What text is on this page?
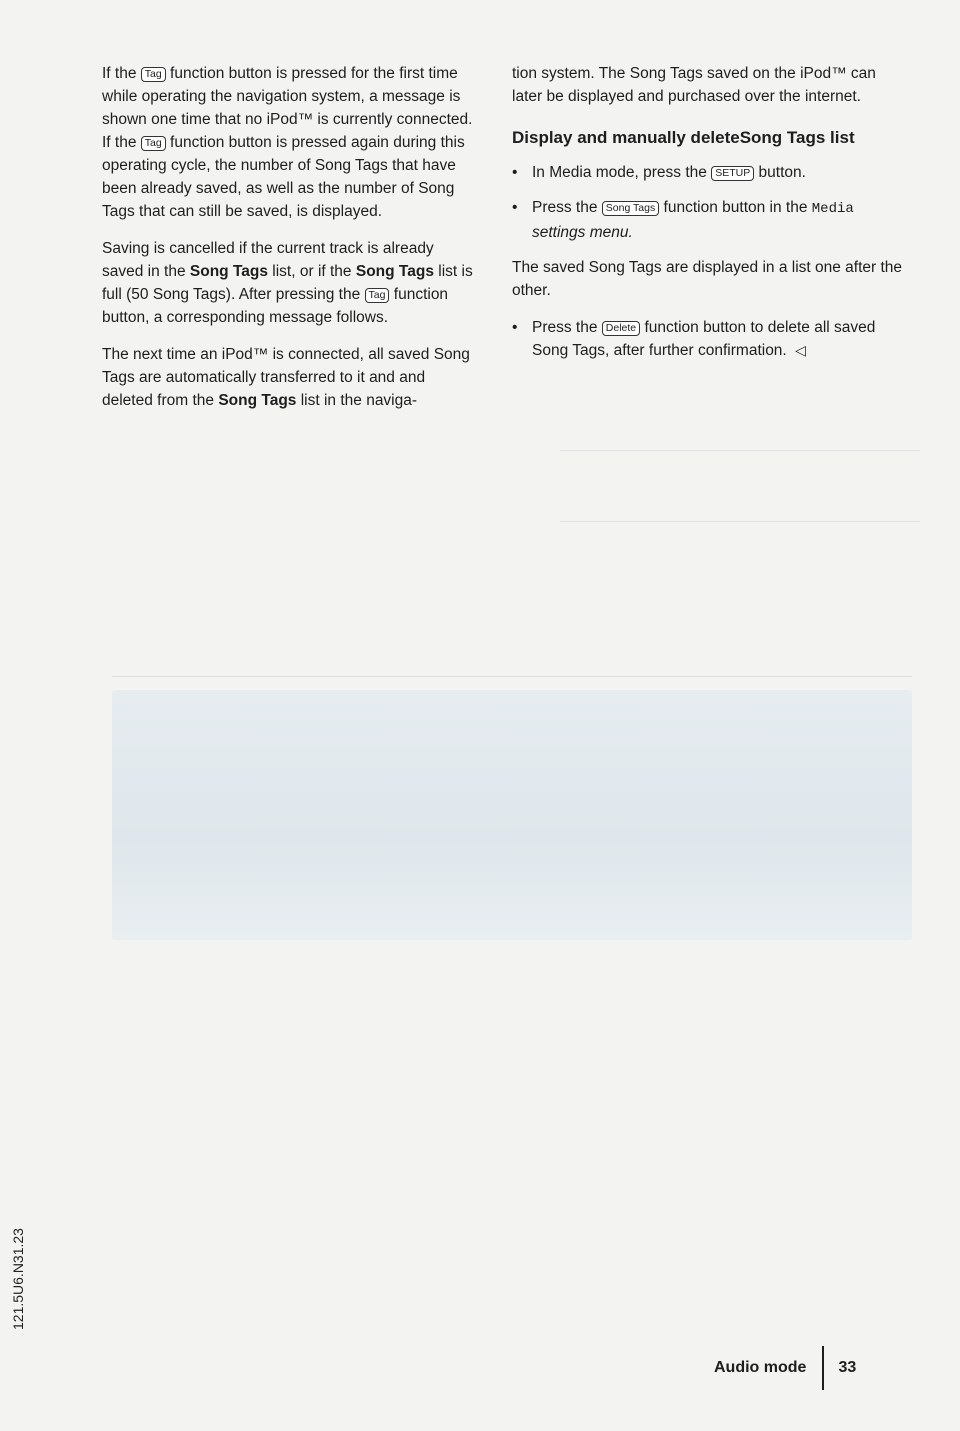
If the Tag function button is pressed for the first time while operating the navigation system, a message is shown one time that no iPod™ is currently connected. If the Tag function button is pressed again during this operating cycle, the number of Song Tags that have been already saved, as well as the number of Song Tags that can still be saved, is displayed.

Saving is cancelled if the current track is already saved in the Song Tags list, or if the Song Tags list is full (50 Song Tags). After pressing the Tag function button, a corresponding message follows.

The next time an iPod™ is connected, all saved Song Tags are automatically transferred to it and and deleted from the Song Tags list in the naviga-

tion system. The Song Tags saved on the iPod™ can later be displayed and purchased over the internet.

Display and manually deleteSong Tags list
• In Media mode, press the SETUP button.
• Press the Song Tags function button in the Media settings menu.

The saved Song Tags are displayed in a list one after the other.

• Press the Delete function button to delete all saved Song Tags, after further confirmation. ◁
121.5U6.N31.23
Audio mode 33
